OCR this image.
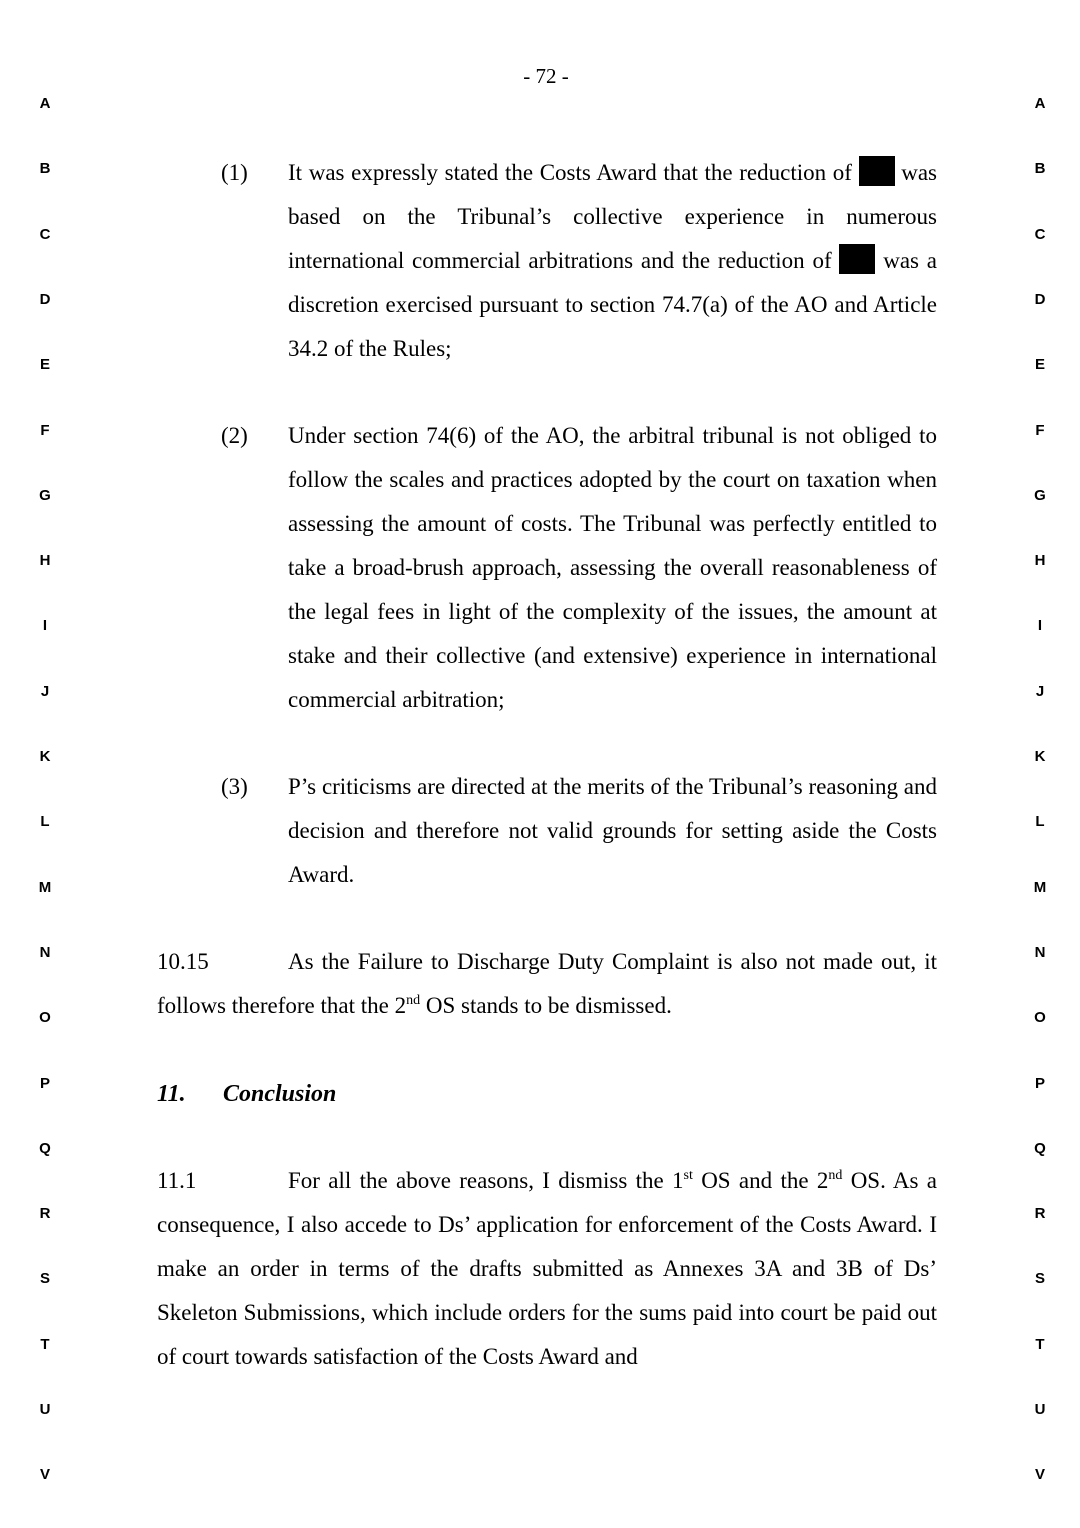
- 72 -
A
B
C
D
E
F
G
H
I
J
K
L
M
N
O
P
Q
R
S
T
U
V
A
B
C
D
E
F
G
H
I
J
K
L
M
N
O
P
Q
R
S
T
U
V
(1) It was expressly stated the Costs Award that the reduction of was based on the Tribunal’s collective experience in numerous international commercial arbitrations and the reduction of was a discretion exercised pursuant to section 74.7(a) of the AO and Article 34.2 of the Rules;
(2) Under section 74(6) of the AO, the arbitral tribunal is not obliged to follow the scales and practices adopted by the court on taxation when assessing the amount of costs. The Tribunal was perfectly entitled to take a broad-brush approach, assessing the overall reasonableness of the legal fees in light of the complexity of the issues, the amount at stake and their collective (and extensive) experience in international commercial arbitration;
(3) P’s criticisms are directed at the merits of the Tribunal’s reasoning and decision and therefore not valid grounds for setting aside the Costs Award.
10.15	As the Failure to Discharge Duty Complaint is also not made out, it follows therefore that the 2nd OS stands to be dismissed.
11. Conclusion
11.1	For all the above reasons, I dismiss the 1st OS and the 2nd OS. As a consequence, I also accede to Ds’ application for enforcement of the Costs Award. I make an order in terms of the drafts submitted as Annexes 3A and 3B of Ds’ Skeleton Submissions, which include orders for the sums paid into court be paid out of court towards satisfaction of the Costs Award and
